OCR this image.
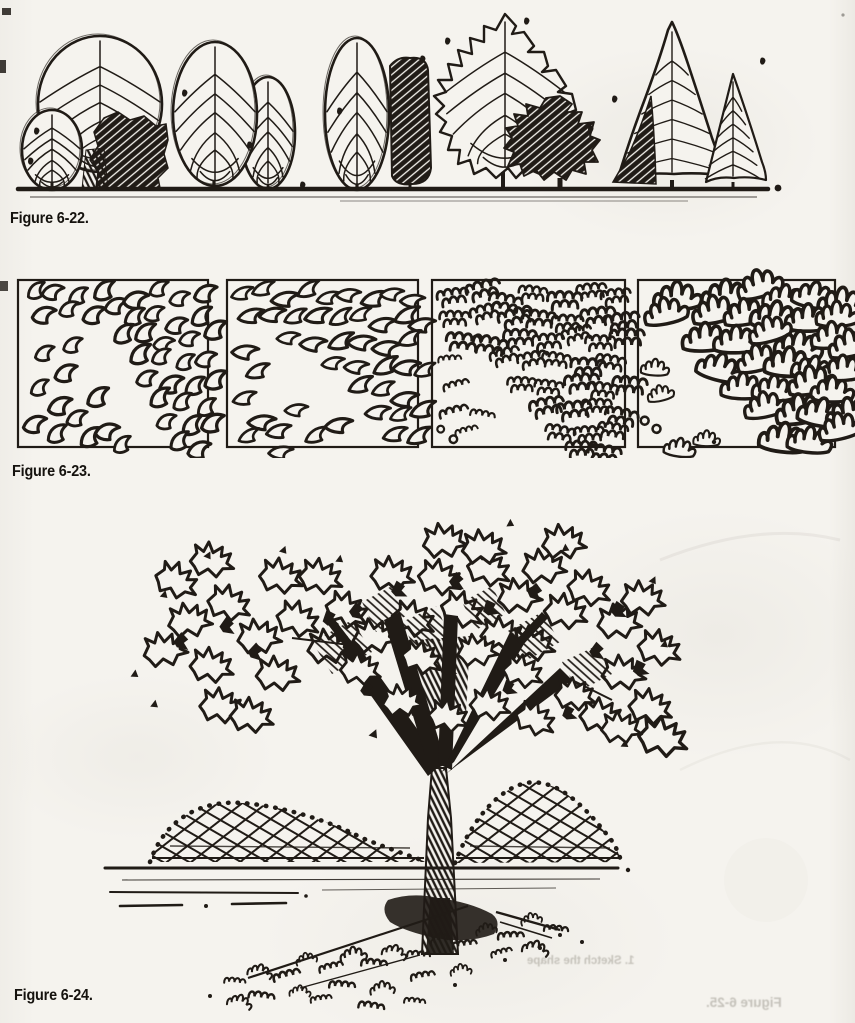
Figure 6-22.
Figure 6-23.
Figure 6-24.
1. Sketch the shape
Figure 6-25.
